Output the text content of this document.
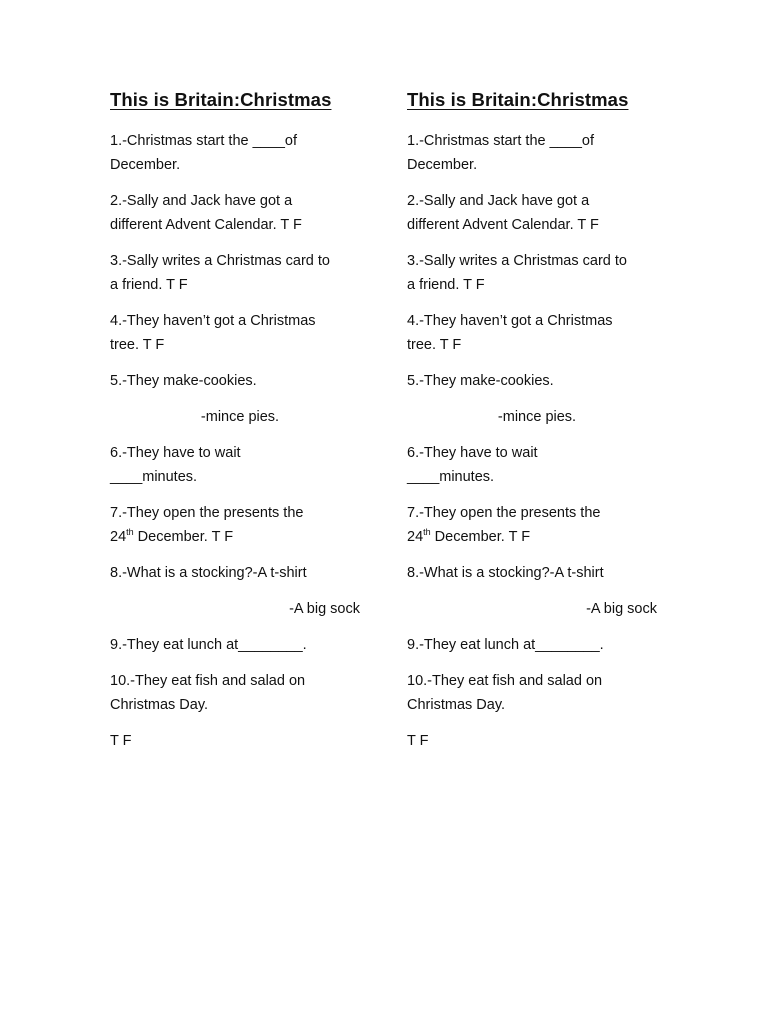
This is Britain:Christmas
1.-Christmas start the ____of
December.
2.-Sally and Jack have got a
different Advent Calendar. T F
3.-Sally writes a Christmas card to
a friend. T F
4.-They haven’t got a Christmas
tree. T F
5.-They make-cookies.
-mince pies.
6.-They have to wait
____minutes.
7.-They open the presents the
24th December. T F
8.-What is a stocking?-A t-shirt
-A big sock
9.-They eat lunch at________.
10.-They eat fish and salad on
Christmas Day.
T F
This is Britain:Christmas
1.-Christmas start the ____of
December.
2.-Sally and Jack have got a
different Advent Calendar. T F
3.-Sally writes a Christmas card to
a friend. T F
4.-They haven’t got a Christmas
tree. T F
5.-They make-cookies.
-mince pies.
6.-They have to wait
____minutes.
7.-They open the presents the
24th December. T F
8.-What is a stocking?-A t-shirt
-A big sock
9.-They eat lunch at________.
10.-They eat fish and salad on
Christmas Day.
T F
